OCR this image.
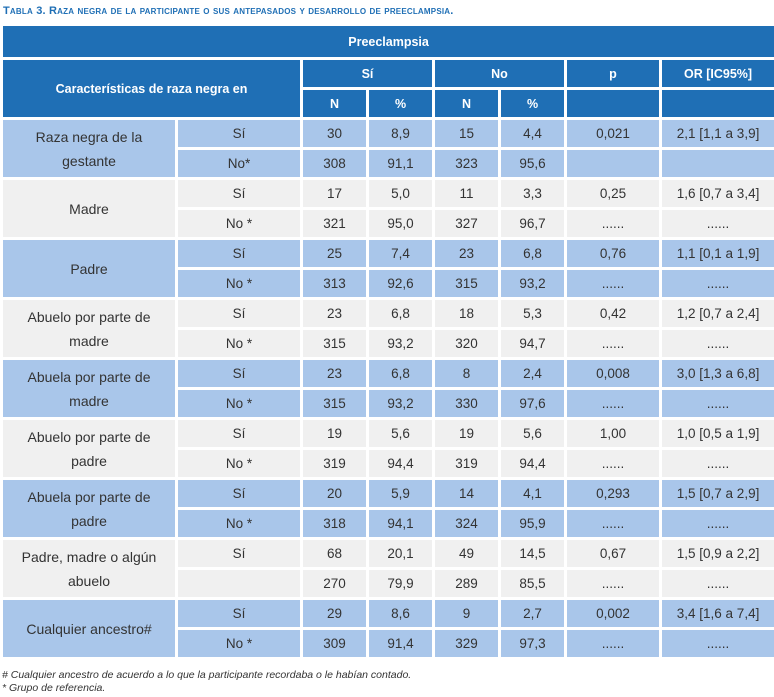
Tabla 3. Raza negra de la participante o sus antepasados y desarrollo de preeclampsia.
Preeclampsia							
Características de raza negra en		Sí		No		p	OR [IC95%]
		N	%	N	%		
Raza negra de la gestante	Sí	30	8,9	15	4,4	0,021	2,1 [1,1 a 3,9]
	No*	308	91,1	323	95,6		
Madre	Sí	17	5,0	11	3,3	0,25	1,6 [0,7 a 3,4]
	No *	321	95,0	327	96,7	......	......
Padre	Sí	25	7,4	23	6,8	0,76	1,1 [0,1 a 1,9]
	No *	313	92,6	315	93,2	......	......
Abuelo por parte de madre	Sí	23	6,8	18	5,3	0,42	1,2 [0,7 a 2,4]
	No *	315	93,2	320	94,7	......	......
Abuela por parte de madre	Sí	23	6,8	8	2,4	0,008	3,0 [1,3 a 6,8]
	No *	315	93,2	330	97,6	......	......
Abuelo por parte de padre	Sí	19	5,6	19	5,6	1,00	1,0 [0,5 a 1,9]
	No *	319	94,4	319	94,4	......	......
Abuela por parte de padre	Sí	20	5,9	14	4,1	0,293	1,5 [0,7 a 2,9]
	No *	318	94,1	324	95,9	......	......
Padre, madre o algún abuelo	Sí	68	20,1	49	14,5	0,67	1,5 [0,9 a 2,2]
		270	79,9	289	85,5	......	......
Cualquier ancestro#	Sí	29	8,6	9	2,7	0,002	3,4 [1,6 a 7,4]
	No *	309	91,4	329	97,3	......	......
# Cualquier ancestro de acuerdo a lo que la participante recordaba o le habían contado.
* Grupo de referencia.
